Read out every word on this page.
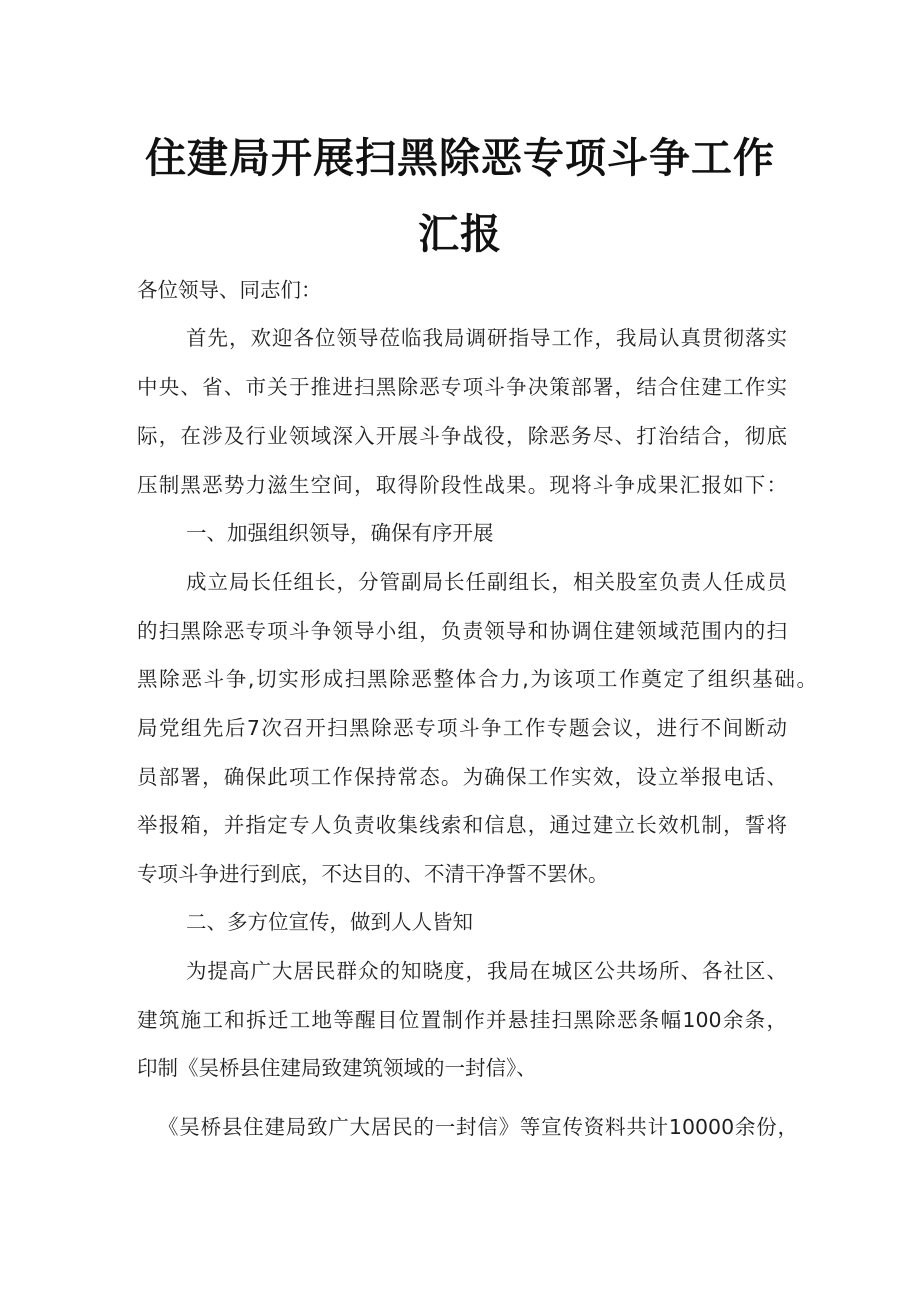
住建局开展扫黑除恶专项斗争工作
汇报
各位领导、同志们：
首先，欢迎各位领导莅临我局调研指导工作，我局认真贯彻落实
中央、省、市关于推进扫黑除恶专项斗争决策部署，结合住建工作实
际，在涉及行业领域深入开展斗争战役，除恶务尽、打治结合，彻底
压制黑恶势力滋生空间，取得阶段性战果。现将斗争成果汇报如下：
一、加强组织领导，确保有序开展
成立局长任组长，分管副局长任副组长，相关股室负责人任成员
的扫黑除恶专项斗争领导小组，负责领导和协调住建领域范围内的扫
黑除恶斗争,切实形成扫黑除恶整体合力,为该项工作奠定了组织基础。
局党组先后7次召开扫黑除恶专项斗争工作专题会议，进行不间断动
员部署，确保此项工作保持常态。为确保工作实效，设立举报电话、
举报箱，并指定专人负责收集线索和信息，通过建立长效机制，誓将
专项斗争进行到底，不达目的、不清干净誓不罢休。
二、多方位宣传，做到人人皆知
为提高广大居民群众的知晓度，我局在城区公共场所、各社区、
建筑施工和拆迁工地等醒目位置制作并悬挂扫黑除恶条幅100余条，
印制《吴桥县住建局致建筑领域的一封信》、
《吴桥县住建局致广大居民的一封信》等宣传资料共计10000余份，
